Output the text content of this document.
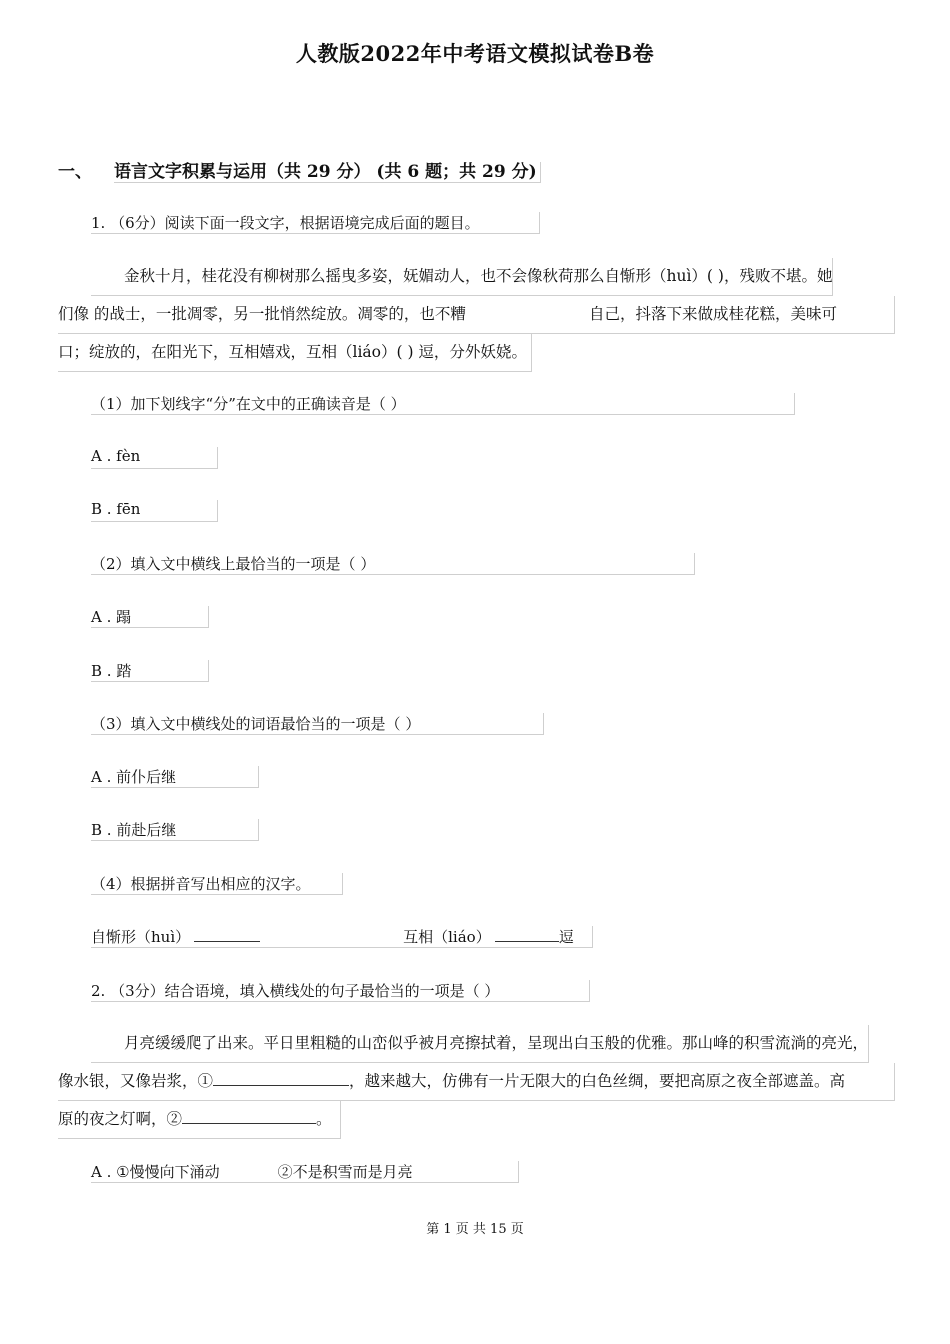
人教版2022年中考语文模拟试卷B卷
一、 语言文字积累与运用（共 29 分） (共 6 题；共 29 分)
1. （6分）阅读下面一段文字，根据语境完成后面的题目。

金秋十月，桂花没有柳树那么摇曳多姿，妩媚动人，也不会像秋荷那么自惭形（huì）( )，残败不堪。她

们像 的战士，一批凋零，另一批悄然绽放。凋零的，也不糟	自己，抖落下来做成桂花糕，美味可

口；绽放的，在阳光下，互相嬉戏，互相（liáo）( ) 逗，分外妖娆。

（1）加下划线字“分”在文中的正确读音是（ ）
A . fèn
B . fēn
（2）填入文中横线上最恰当的一项是（ ）
A . 蹋
B . 踏
（3）填入文中横线处的词语最恰当的一项是（ ）
A . 前仆后继
B . 前赴后继
（4）根据拼音写出相应的汉字。
自惭形（huì）	互相（liáo）	逗
2. （3分）结合语境，填入横线处的句子最恰当的一项是（ ）

月亮缓缓爬了出来。平日里粗糙的山峦似乎被月亮擦拭着，呈现出白玉般的优雅。那山峰的积雪流淌的亮光，

像水银，又像岩浆，①	，越来越大，仿佛有一片无限大的白色丝绸，要把高原之夜全部遮盖。高

原的夜之灯啊，②	。

A . ①慢慢向下涌动	②不是积雪而是月亮
第 1 页 共 15 页
